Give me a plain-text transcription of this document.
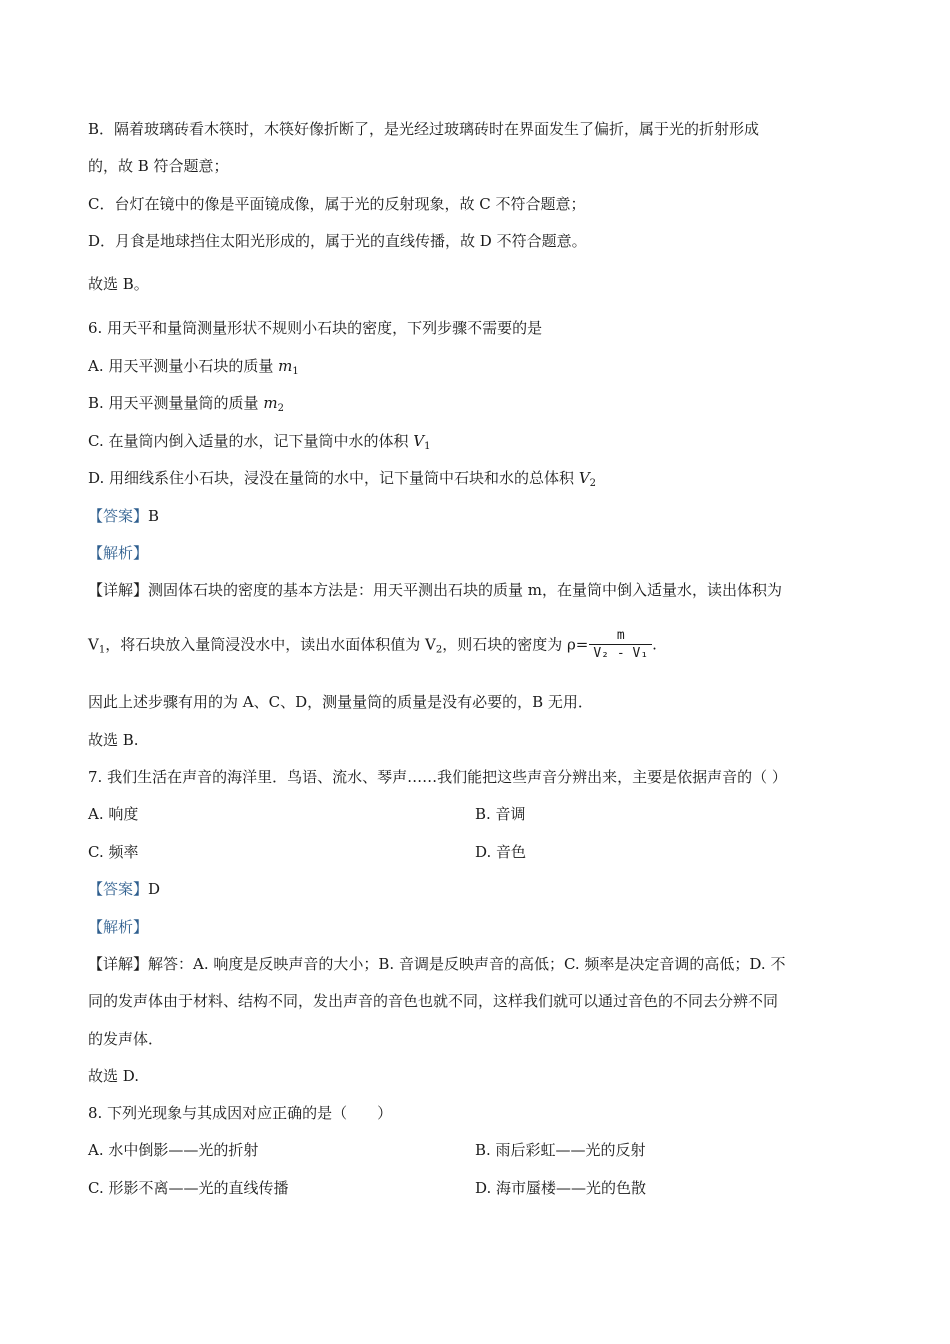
B．隔着玻璃砖看木筷时，木筷好像折断了，是光经过玻璃砖时在界面发生了偏折，属于光的折射形成
的，故 B 符合题意；
C．台灯在镜中的像是平面镜成像，属于光的反射现象，故 C 不符合题意；
D．月食是地球挡住太阳光形成的，属于光的直线传播，故 D 不符合题意。
故选 B。
6. 用天平和量筒测量形状不规则小石块的密度，下列步骤不需要的是
A. 用天平测量小石块的质量 $m_1$
B. 用天平测量量筒的质量 $m_2$
C. 在量筒内倒入适量的水，记下量筒中水的体积 $V_1$
D. 用细线系住小石块，浸没在量筒的水中，记下量筒中石块和水的总体积 $V_2$
【答案】B
【解析】
【详解】测固体石块的密度的基本方法是：用天平测出石块的质量 m，在量筒中倒入适量水，读出体积为
$V_1$，将石块放入量筒浸没水中，读出水面体积值为 $V_2$，则石块的密度为 $\rho= \frac{m}{\text{V₂ - V₁}}$ .
因此上述步骤有用的为 A、C、D，测量量筒的质量是没有必要的，B 无用．
故选 B.
7. 我们生活在声音的海洋里．鸟语、流水、琴声……我们能把这些声音分辨出来，主要是依据声音的（ ）
A. 响度	B. 音调
C. 频率	D. 音色
【答案】D
【解析】
【详解】解答：A. 响度是反映声音的大小；B. 音调是反映声音的高低；C. 频率是决定音调的高低；D. 不
同的发声体由于材料、结构不同，发出声音的音色也就不同，这样我们就可以通过音色的不同去分辨不同
的发声体．
故选 D.
8. 下列光现象与其成因对应正确的是（　　）
A. 水中倒影——光的折射	B. 雨后彩虹——光的反射
C. 形影不离——光的直线传播	D. 海市蜃楼——光的色散
